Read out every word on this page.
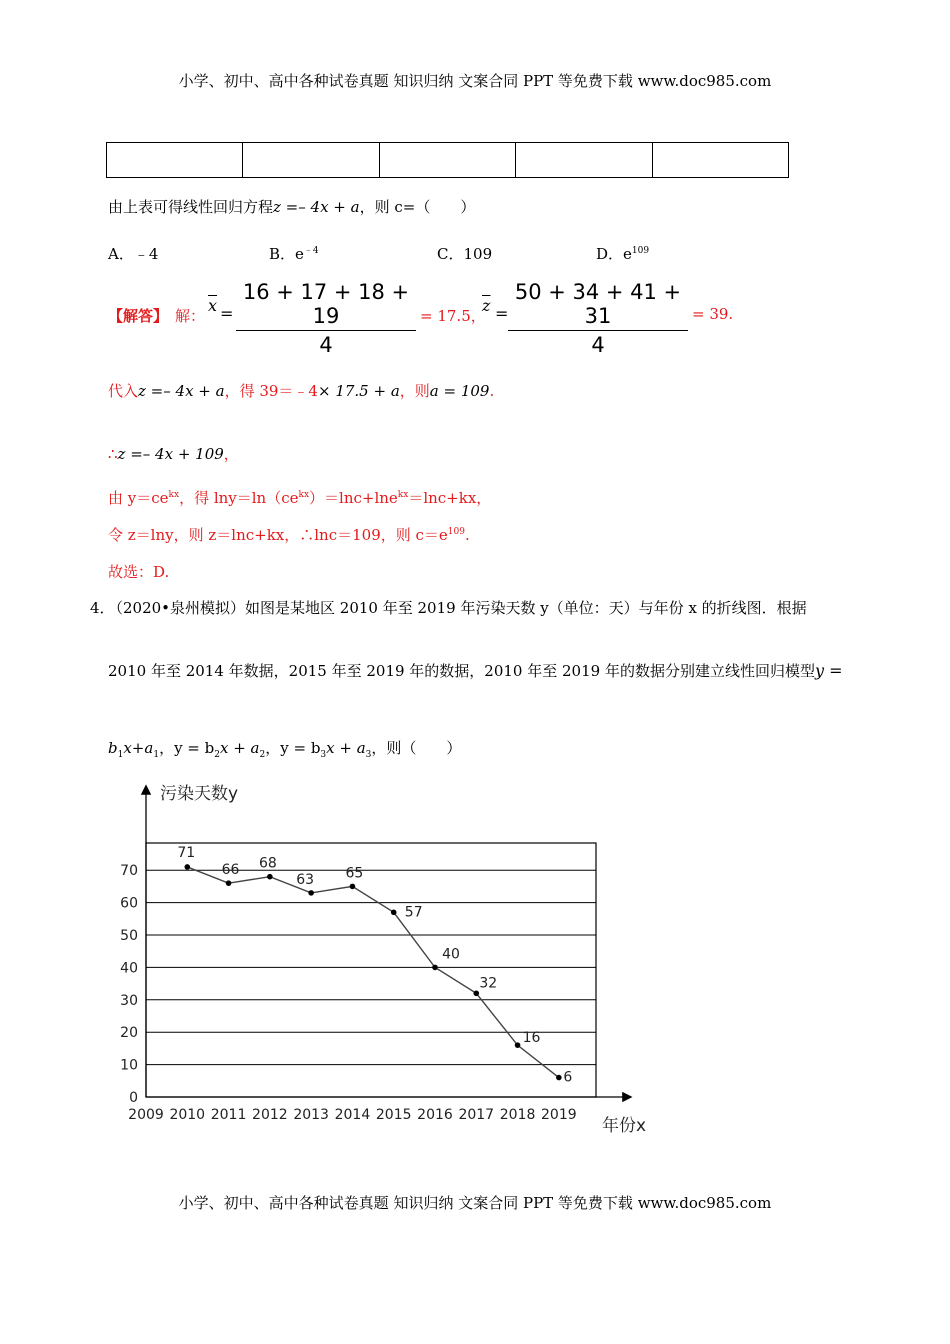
小学、初中、高中各种试卷真题 知识归纳 文案合同 PPT 等免费下载 www.doc985.com

由上表可得线性回归方程z =– 4x + a，则 c=（　　）
A．﹣4	B．$e^{﹣4}$	C．109	D．$e^{109}$
【解答】 解：
$\overline{x}$ =
16 + 17 + 18 + 19
4
= 17.5，
$\overline{z}$ =
50 + 34 + 41 + 31
4
= 39.
代入z =– 4x + a，得 39＝﹣4× 17.5 + a，则a = 109.
∴z =– 4x + 109，
由 $y=ce^{kx}$，得 $\ln y=\ln(ce^{kx})=\ln c+\ln e^{kx}=\ln c+kx$，
令 z＝lny，则 z＝lnc+kx，∴lnc＝109，则 $c=e^{109}$.
故选：D.
4．
（2020•泉州模拟）如图是某地区 2010 年至 2019 年污染天数 y（单位：天）与年份 x 的折线图．根据
2010 年至 2014 年数据，2015 年至 2019 年的数据，2010 年至 2019 年的数据分别建立线性回归模型y =
$b_1x+a_1$，$y = b_2x + a_2$，$y = b_3x + a_3$，则（　　）
0
10
20
30
40
50
60
70
2009 2010 2011 2012 2013 2014 2015 2016 2017 2018 2019
污染天数y
年份x
71
66 68
63 65
57
40
32
16
6
小学、初中、高中各种试卷真题 知识归纳 文案合同 PPT 等免费下载 www.doc985.com
